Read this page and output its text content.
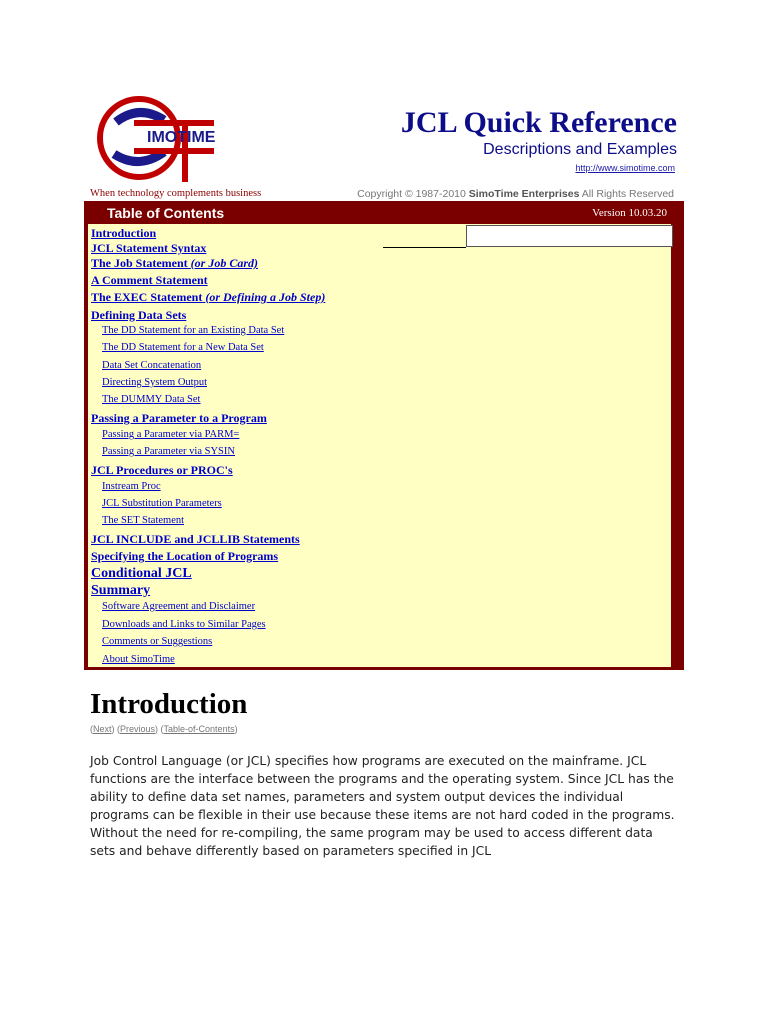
IMOTIME	JCL Quick Reference
Descriptions and Examples
http://www.simotime.com
When technology complements business	Copyright © 1987-2010 SimoTime Enterprises All Rights Reserved
Table of Contents	Version 10.03.20
Introduction
JCL Statement Syntax
The Job Statement (or Job Card)
A Comment Statement
The EXEC Statement (or Defining a Job Step)
Defining Data Sets
The DD Statement for an Existing Data Set
The DD Statement for a New Data Set
Data Set Concatenation
Directing System Output
The DUMMY Data Set
Passing a Parameter to a Program
Passing a Parameter via PARM=
Passing a Parameter via SYSIN
JCL Procedures or PROC's
Instream Proc
JCL Substitution Parameters
The SET Statement
JCL INCLUDE and JCLLIB Statements
Specifying the Location of Programs
Conditional JCL
Summary
Software Agreement and Disclaimer
Downloads and Links to Similar Pages
Comments or Suggestions
About SimoTime
Introduction
(Next) (Previous) (Table-of-Contents)

Job Control Language (or JCL) specifies how programs are executed on the mainframe. JCL functions are the interface between the programs and the operating system. Since JCL has the ability to define data set names, parameters and system output devices the individual programs can be flexible in their use because these items are not hard coded in the programs. Without the need for re-compiling, the same program may be used to access different data sets and behave differently based on parameters specified in JCL
